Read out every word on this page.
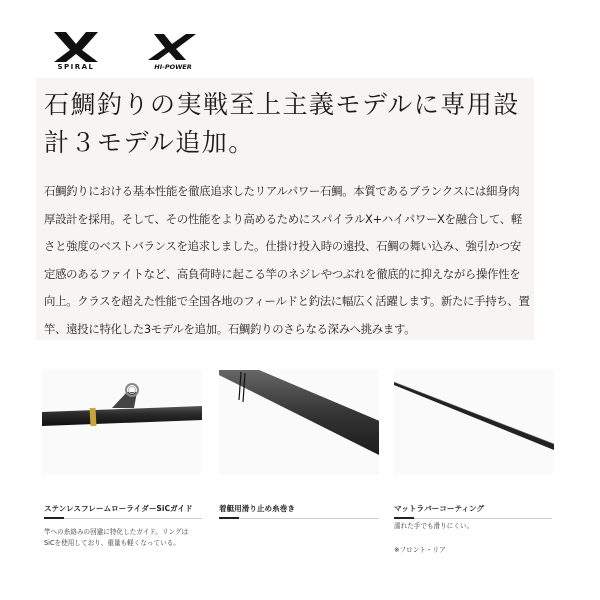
SPIRAL	HI-POWER
石鯛釣りの実戦至上主義モデルに専用設計３モデル追加。

石鯛釣りにおける基本性能を徹底追求したリアルパワー石鯛。本質であるブランクスには細身肉厚設計を採用。そして、その性能をより高めるためにスパイラルX+ハイパワーXを融合して、軽さと強度のベストバランスを追求しました。仕掛け投入時の遠投、石鯛の舞い込み、強引かつ安定感のあるファイトなど、高負荷時に起こる竿のネジレやつぶれを徹底的に抑えながら操作性を向上。クラスを超えた性能で全国各地のフィールドと釣法に幅広く活躍します。新たに手持ち、置竿、遠投に特化した3モデルを追加。石鯛釣りのさらなる深みへ挑みます。

ステンレスフレームローライダーSiCガイド	着艇用滑り止め糸巻き	マットラバーコーティング
竿への糸絡みの回避に特化したガイド。リングは
SiCを使用しており、重量も軽くなっている。
濡れた手でも滑りにくい。
※フロント・リア
